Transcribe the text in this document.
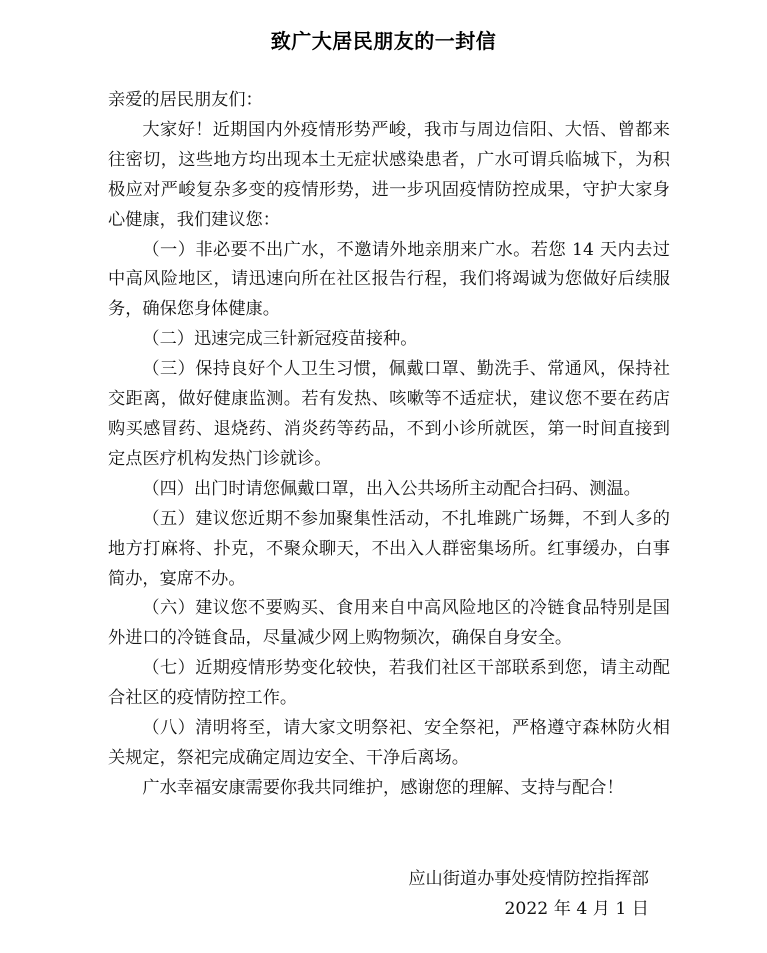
致广大居民朋友的一封信

亲爱的居民朋友们：

大家好！近期国内外疫情形势严峻，我市与周边信阳、大悟、曾都来往密切，这些地方均出现本土无症状感染患者，广水可谓兵临城下，为积极应对严峻复杂多变的疫情形势，进一步巩固疫情防控成果，守护大家身心健康，我们建议您：

（一）非必要不出广水，不邀请外地亲朋来广水。若您 14 天内去过中高风险地区，请迅速向所在社区报告行程，我们将竭诚为您做好后续服务，确保您身体健康。

（二）迅速完成三针新冠疫苗接种。

（三）保持良好个人卫生习惯，佩戴口罩、勤洗手、常通风，保持社交距离，做好健康监测。若有发热、咳嗽等不适症状，建议您不要在药店购买感冒药、退烧药、消炎药等药品，不到小诊所就医，第一时间直接到定点医疗机构发热门诊就诊。

（四）出门时请您佩戴口罩，出入公共场所主动配合扫码、测温。

（五）建议您近期不参加聚集性活动，不扎堆跳广场舞，不到人多的地方打麻将、扑克，不聚众聊天，不出入人群密集场所。红事缓办，白事简办，宴席不办。

（六）建议您不要购买、食用来自中高风险地区的冷链食品特别是国外进口的冷链食品，尽量减少网上购物频次，确保自身安全。

（七）近期疫情形势变化较快，若我们社区干部联系到您，请主动配合社区的疫情防控工作。

（八）清明将至，请大家文明祭祀、安全祭祀，严格遵守森林防火相关规定，祭祀完成确定周边安全、干净后离场。

广水幸福安康需要你我共同维护，感谢您的理解、支持与配合！

应山街道办事处疫情防控指挥部
2022 年 4 月 1 日
